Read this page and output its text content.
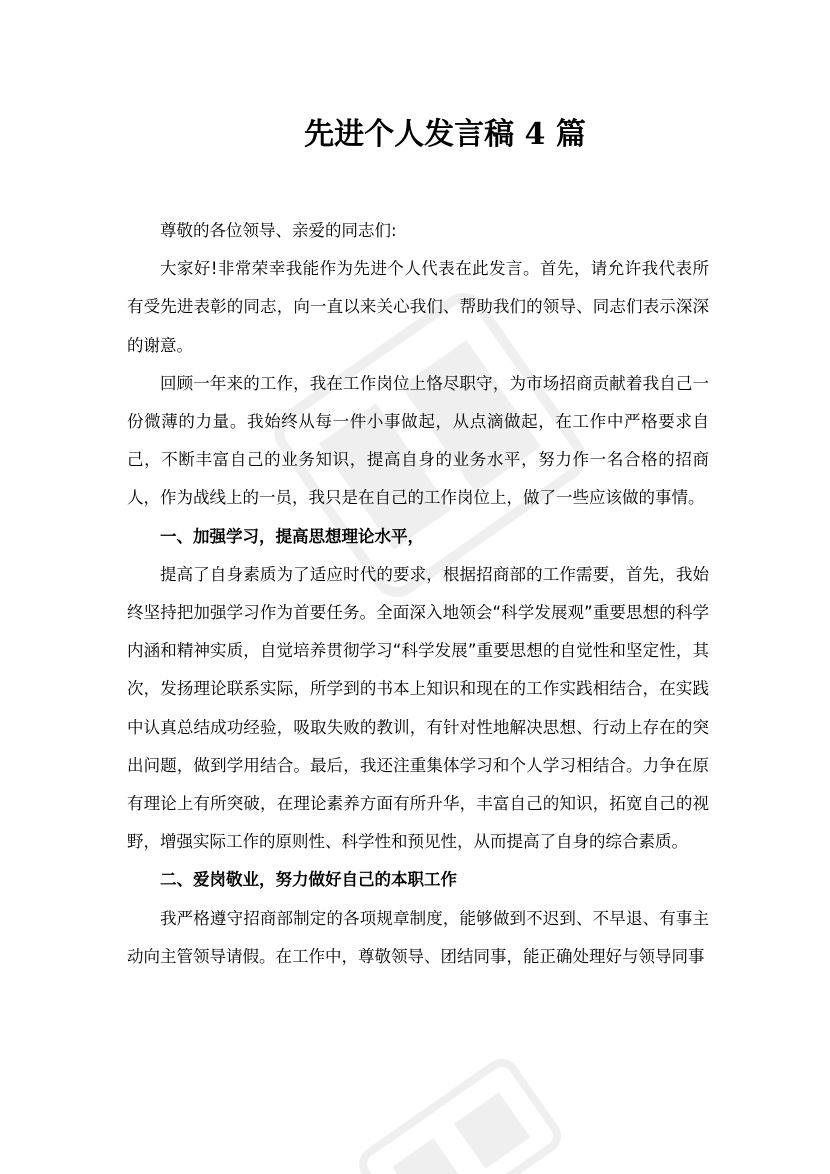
先进个人发言稿 4 篇

尊敬的各位领导、亲爱的同志们:

大家好!非常荣幸我能作为先进个人代表在此发言。首先，请允许我代表所有受先进表彰的同志，向一直以来关心我们、帮助我们的领导、同志们表示深深的谢意。

回顾一年来的工作，我在工作岗位上恪尽职守，为市场招商贡献着我自己一份微薄的力量。我始终从每一件小事做起，从点滴做起，在工作中严格要求自己，不断丰富自己的业务知识，提高自身的业务水平，努力作一名合格的招商人，作为战线上的一员，我只是在自己的工作岗位上，做了一些应该做的事情。

一、加强学习，提高思想理论水平，

提高了自身素质为了适应时代的要求，根据招商部的工作需要，首先，我始终坚持把加强学习作为首要任务。全面深入地领会“科学发展观”重要思想的科学内涵和精神实质，自觉培养贯彻学习“科学发展”重要思想的自觉性和坚定性，其次，发扬理论联系实际，所学到的书本上知识和现在的工作实践相结合，在实践中认真总结成功经验，吸取失败的教训，有针对性地解决思想、行动上存在的突出问题，做到学用结合。最后，我还注重集体学习和个人学习相结合。力争在原有理论上有所突破，在理论素养方面有所升华，丰富自己的知识，拓宽自己的视野，增强实际工作的原则性、科学性和预见性，从而提高了自身的综合素质。

二、爱岗敬业，努力做好自己的本职工作

我严格遵守招商部制定的各项规章制度，能够做到不迟到、不早退、有事主动向主管领导请假。在工作中，尊敬领导、团结同事，能正确处理好与领导同事
